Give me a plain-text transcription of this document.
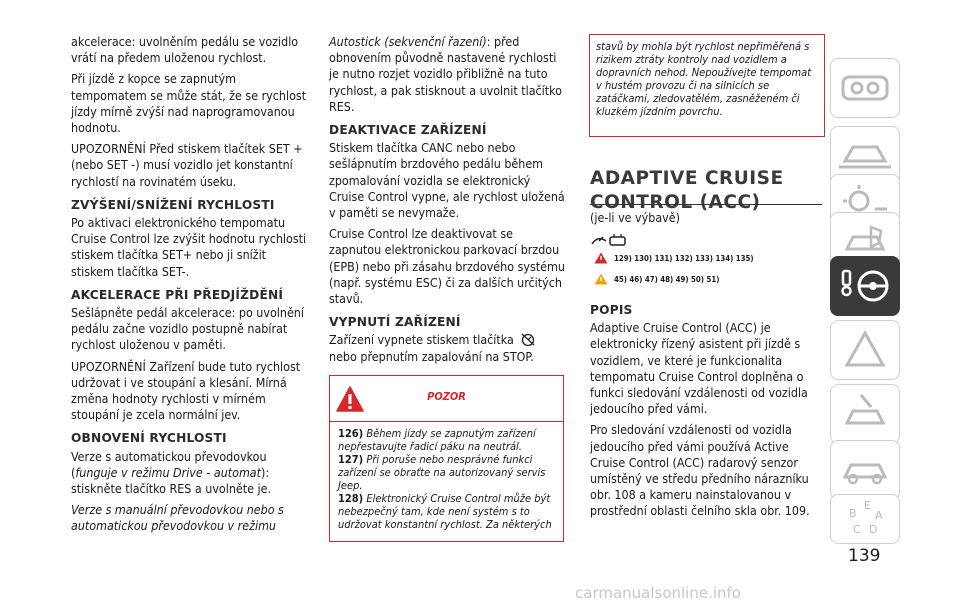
akcelerace: uvolněním pedálu se vozidlo vrátí na předem uloženou rychlost.

Při jízdě z kopce se zapnutým tempomatem se může stát, že se rychlost jízdy mírně zvýší nad naprogramovanou hodnotu.

UPOZORNĚNÍ Před stiskem tlačítek SET + (nebo SET -) musí vozidlo jet konstantní rychlostí na rovinatém úseku.

ZVÝŠENÍ/SNÍŽENÍ RYCHLOSTI

Po aktivaci elektronického tempomatu Cruise Control lze zvýšit hodnotu rychlosti stiskem tlačítka SET+ nebo ji snížit stiskem tlačítka SET-.

AKCELERACE PŘI PŘEDJÍŽDĚNÍ

Sešlápněte pedál akcelerace: po uvolnění pedálu začne vozidlo postupně nabírat rychlost uloženou v paměti.

UPOZORNĚNÍ Zařízení bude tuto rychlost udržovat i ve stoupání a klesání. Mírná změna hodnoty rychlosti v mírném stoupání je zcela normální jev.

OBNOVENÍ RYCHLOSTI

Verze s automatickou převodovkou (funguje v režimu Drive - automat): stiskněte tlačítko RES a uvolněte je.

Verze s manuální převodovkou nebo s automatickou převodovkou v režimu

Autostick (sekvenční řazení): před obnovením původně nastavené rychlosti je nutno rozjet vozidlo přibližně na tuto rychlost, a pak stisknout a uvolnit tlačítko RES.

DEAKTIVACE ZAŘÍZENÍ

Stiskem tlačítka CANC nebo nebo sešlápnutím brzdového pedálu během zpomalování vozidla se elektronický Cruise Control vypne, ale rychlost uložená v paměti se nevymaže.

Cruise Control lze deaktivovat se zapnutou elektronickou parkovací brzdou (EPB) nebo při zásahu brzdového systému (např. systému ESC) či za dalších určitých stavů.

VYPNUTÍ ZAŘÍZENÍ

Zařízení vypnete stiskem tlačítka
nebo přepnutím zapalování na STOP.

POZOR
126) Během jízdy se zapnutým zařízení nepřestavujte řadicí páku na neutrál.
127) Při poruše nebo nesprávné funkci zařízení se obraťte na autorizovaný servis Jeep.
128) Elektronický Cruise Control může být nebezpečný tam, kde není systém s to udržovat konstantní rychlost. Za některých
stavů by mohla být rychlost nepřiměřená s rizikem ztráty kontroly nad vozidlem a dopravních nehod. Nepoužívejte tempomat v hustém provozu či na silnicích se zatáčkami, zledovatělém, zasněženém či kluzkém jízdním povrchu.
ADAPTIVE CRUISE
CONTROL (ACC)

(je-li ve výbavě)

129) 130) 131) 132) 133) 134) 135)
45) 46) 47) 48) 49) 50) 51)
POPIS

Adaptive Cruise Control (ACC) je elektronicky řízený asistent při jízdě s vozidlem, ve které je funkcionalita tempomatu Cruise Control doplněna o funkci sledování vzdálenosti od vozidla jedoucího před vámi.

Pro sledování vzdálenosti od vozidla jedoucího před vámi používá Active Cruise Control (ACC) radarový senzor umístěný ve středu předního nárazníku obr. 108 a kameru nainstalovanou v prostřední oblasti čelního skla obr. 109.	B
E
A
C D
139
carmanualsonline.info
